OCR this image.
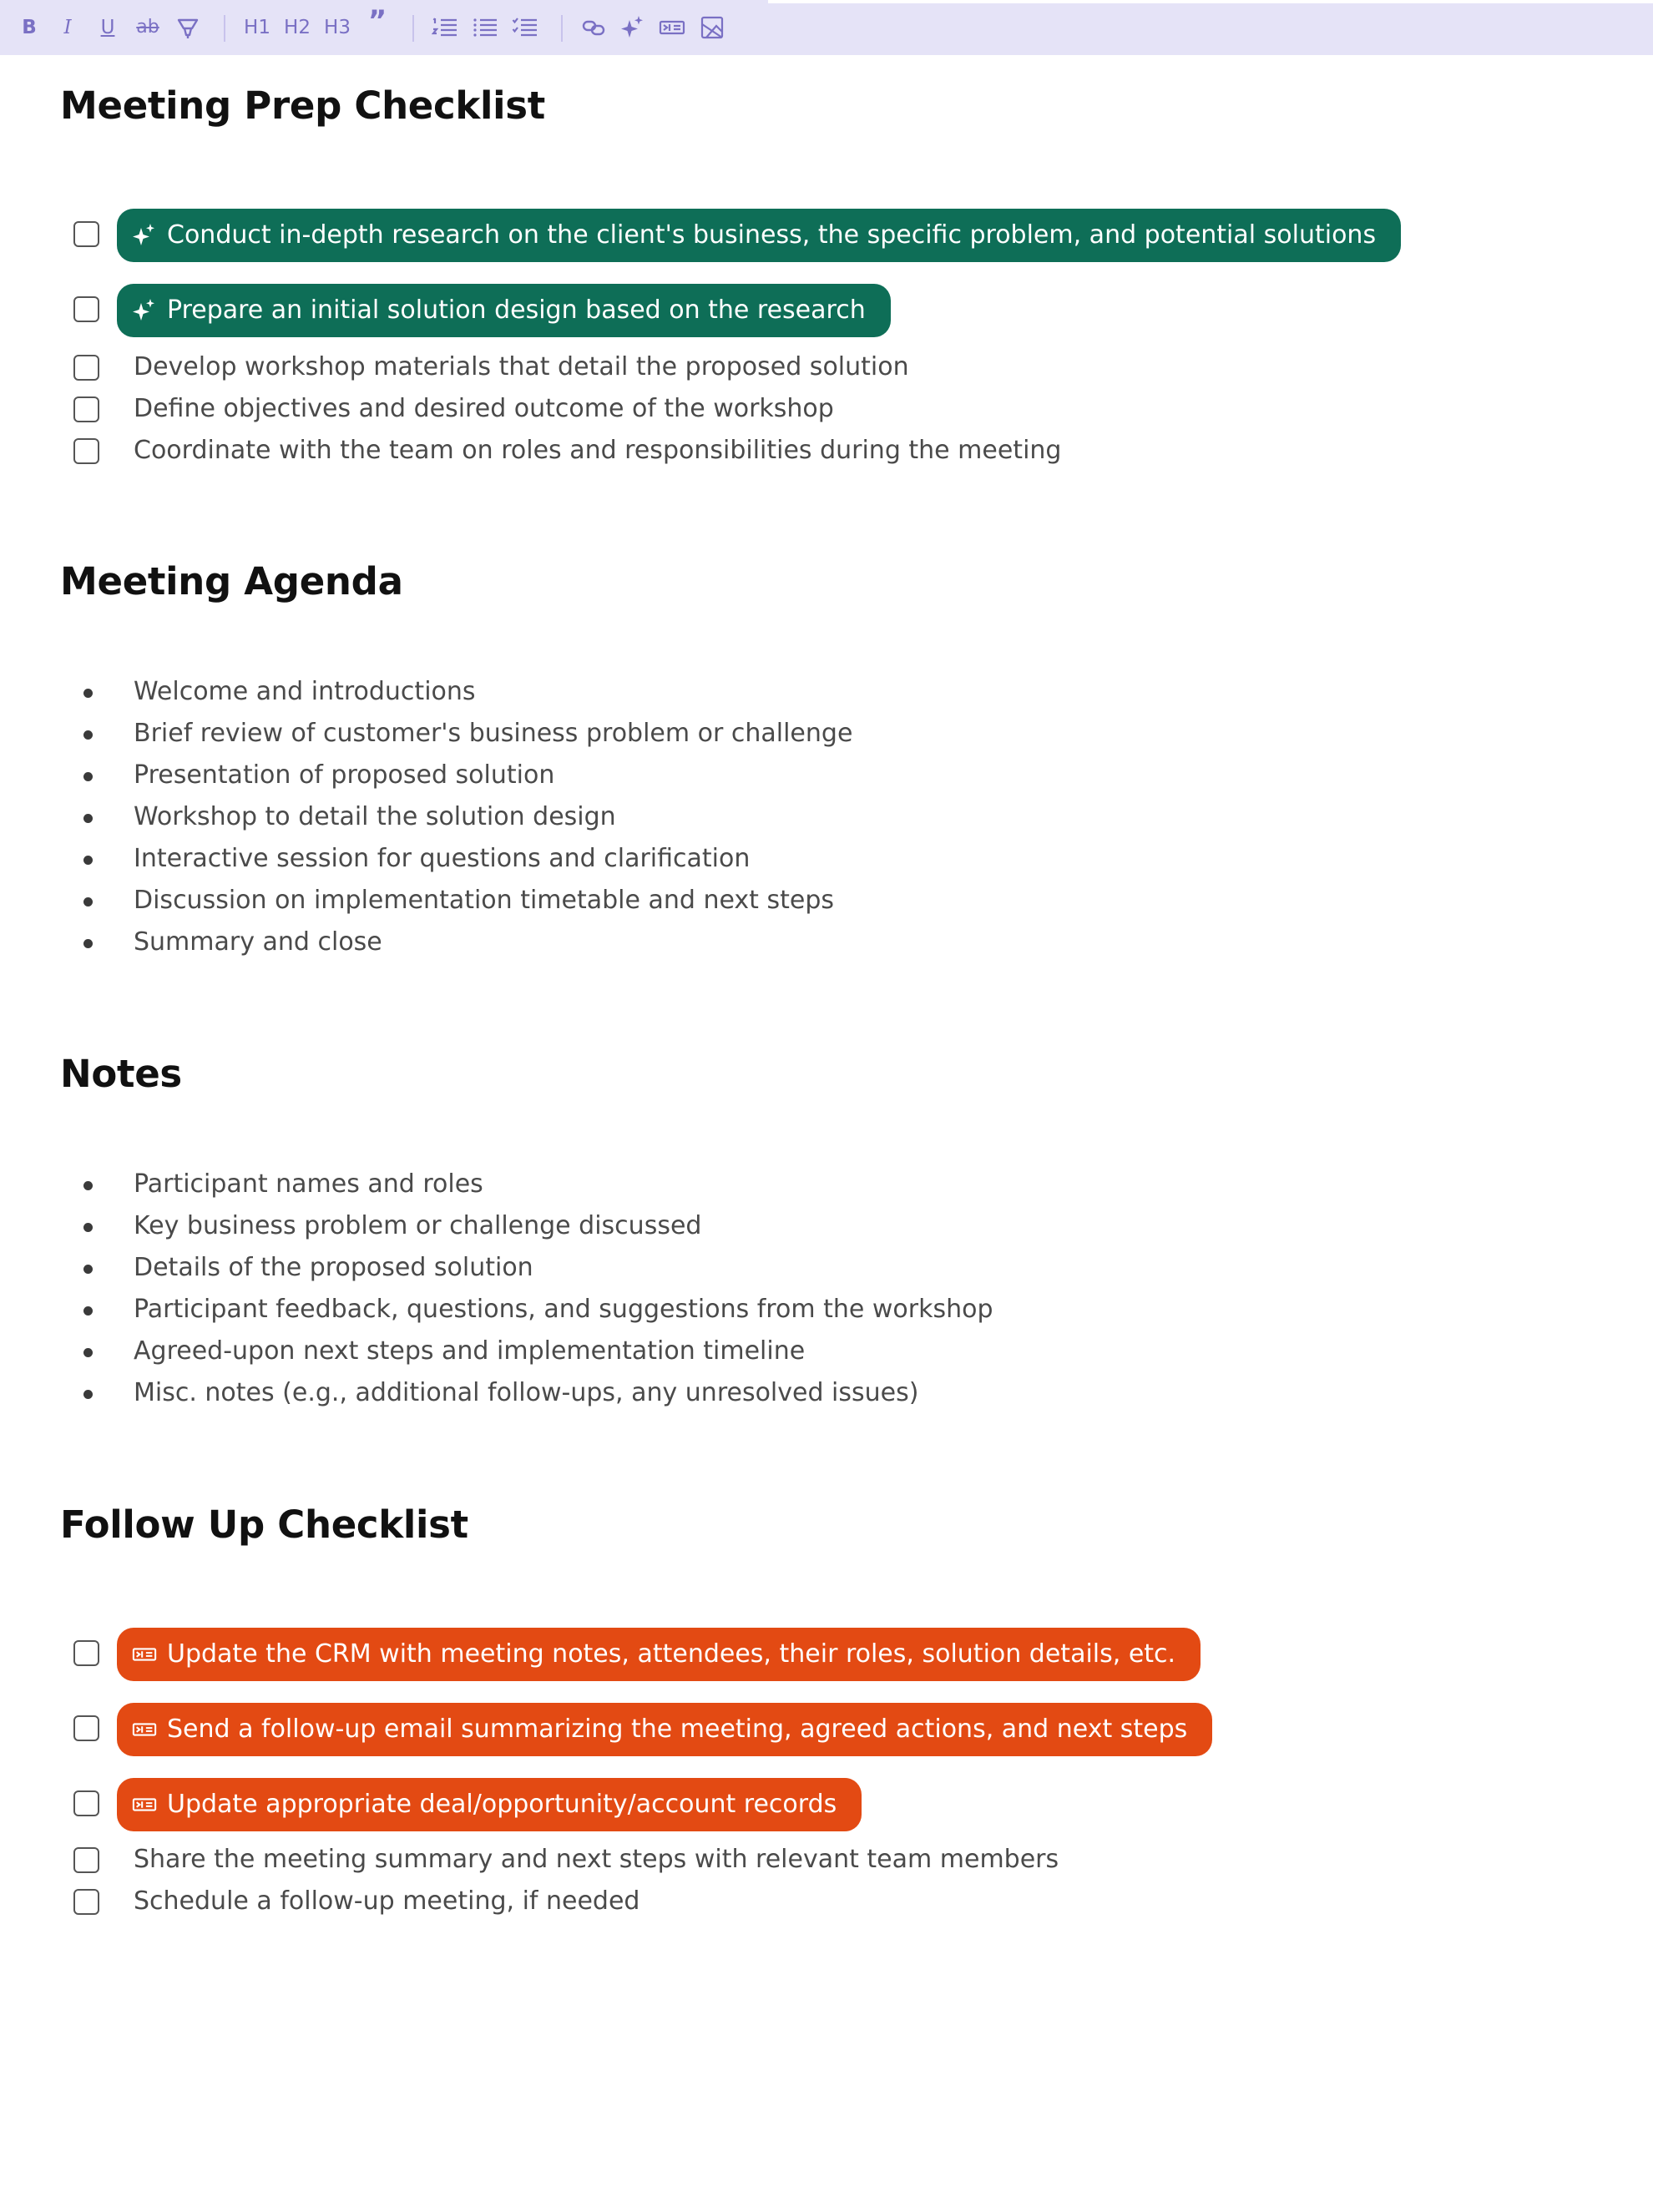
B I U ab	H1 H2 H3 ”
Meeting Prep Checklist
Conduct in-depth research on the client's business, the specific problem, and potential solutions
Prepare an initial solution design based on the research
Develop workshop materials that detail the proposed solution
Define objectives and desired outcome of the workshop
Coordinate with the team on roles and responsibilities during the meeting
Meeting Agenda
Welcome and introductions
Brief review of customer's business problem or challenge
Presentation of proposed solution
Workshop to detail the solution design
Interactive session for questions and clarification
Discussion on implementation timetable and next steps
Summary and close
Notes
Participant names and roles
Key business problem or challenge discussed
Details of the proposed solution
Participant feedback, questions, and suggestions from the workshop
Agreed-upon next steps and implementation timeline
Misc. notes (e.g., additional follow-ups, any unresolved issues)
Follow Up Checklist
Update the CRM with meeting notes, attendees, their roles, solution details, etc.
Send a follow-up email summarizing the meeting, agreed actions, and next steps
Update appropriate deal/opportunity/account records
Share the meeting summary and next steps with relevant team members
Schedule a follow-up meeting, if needed
